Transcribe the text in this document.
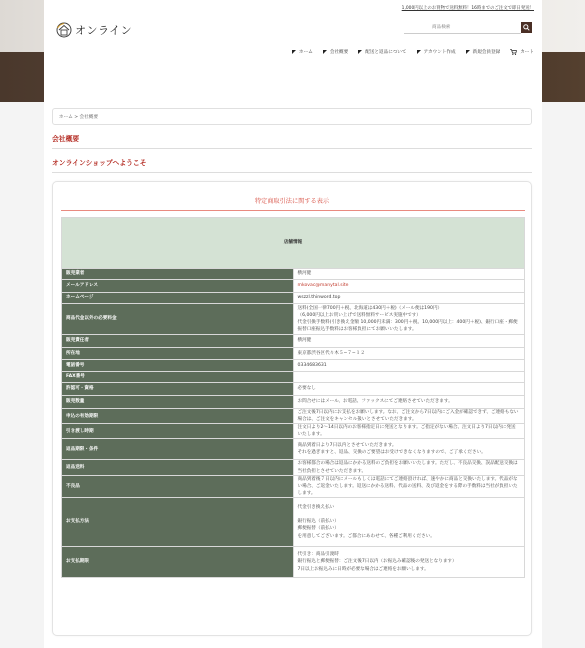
1,000円以上のお買物で送料無料！16時までのご注文で即日発送！
オンライン
商品検索
ホーム	会社概要	配送と返品について	アカウント作成	新規会員登録	カート
ホーム > 会社概要
会社概要
オンラインショップへようこそ
特定商取引法に関する表示
店舗情報	
販売業者	横河健

メールアドレス	mkovac@manytal.site

ホームページ	wszzl.thinword.top

商品代金以外の必要料金	送料(全国一律700円＋税、北海道は430円＋税)（メール便は190円）
（6,000円以上お買い上げで送料無料サービス実施中です）
代金引換手数料(引き換え金額 10,000円未満：300円＋税、10,000円以上：400円＋税)、銀行口座・郵便振替口座振込手数料はお客様負担にてお願いいたします。

販売責任者	横河健

所在地	東京都渋谷区代々木５−７−１２

電話番号	0334683631

FAX番号	

許認可・資格	必要なし

販売数量	お問合せにはメール、お電話、ファックスにてご連絡させていただきます。

申込の有効期限	ご注文後7日以内にお支払をお願いします。なお、ご注文から7日以内にご入金が確認できず、ご連絡もない場合は、ご注文をキャンセル扱いとさせていただきます。

引き渡し時期	注文日より2〜14日以内のお客様指定日に発送となります。ご指定がない場合、注文日より7日以内に発送いたします。

返品期限・条件	商品到着日より7日以内とさせていただきます。
それを過ぎますと、返品、交換のご要望はお受けできなくなりますので、ご了承ください。

返品送料	お客様都合の場合は返品にかかる送料のご負担をお願いいたします。ただし、不良品交換、誤品配送交換は当社負担とさせていただきます。

不良品	商品到着後７日以内にメールもしくは電話にてご連絡頂ければ、速やかに商品と交換いたします。代品がない場合、ご返金いたします。返送にかかる送料、代品の送料、及び返金をする際の手数料は当社が負担いたします。

お支払方法	代金引き換え払い
銀行振込（前払い）
郵便振替（前払い）
を用意してございます。ご都合にあわせて、各種ご利用ください。

お支払期限	代引き：商品引渡時
銀行振込と郵便振替：ご注文後7日以内（お振込み確認後の発送となります）
7日以上お振込みに日時が必要な場合はご連絡をお願いします。
